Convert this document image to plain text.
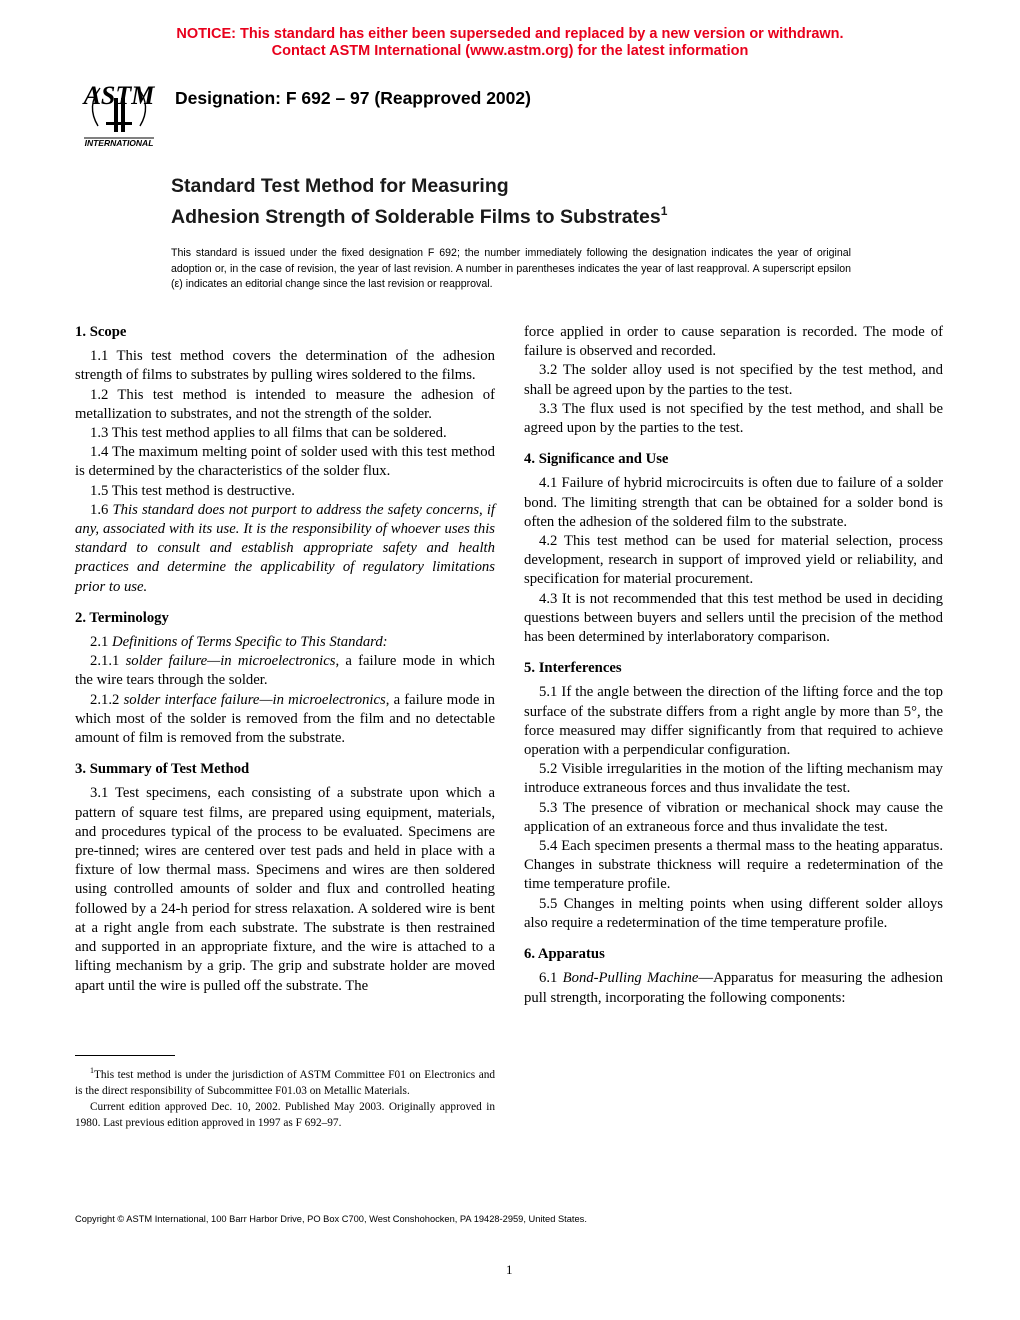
NOTICE: This standard has either been superseded and replaced by a new version or withdrawn.
Contact ASTM International (www.astm.org) for the latest information
ASTM
INTERNATIONAL
Designation: F 692 – 97 (Reapproved 2002)
Standard Test Method for Measuring
Adhesion Strength of Solderable Films to Substrates$^1$
This standard is issued under the fixed designation F 692; the number immediately following the designation indicates the year of original adoption or, in the case of revision, the year of last revision. A number in parentheses indicates the year of last reapproval. A superscript epsilon (ε) indicates an editorial change since the last revision or reapproval.
1. Scope

1.1 This test method covers the determination of the adhesion strength of films to substrates by pulling wires soldered to the films.

1.2 This test method is intended to measure the adhesion of metallization to substrates, and not the strength of the solder.

1.3 This test method applies to all films that can be soldered.

1.4 The maximum melting point of solder used with this test method is determined by the characteristics of the solder flux.

1.5 This test method is destructive.

1.6 This standard does not purport to address the safety concerns, if any, associated with its use. It is the responsibility of whoever uses this standard to consult and establish appropriate safety and health practices and determine the applicability of regulatory limitations prior to use.

2. Terminology

2.1 Definitions of Terms Specific to This Standard:

2.1.1 solder failure—in microelectronics, a failure mode in which the wire tears through the solder.

2.1.2 solder interface failure—in microelectronics, a failure mode in which most of the solder is removed from the film and no detectable amount of film is removed from the substrate.

3. Summary of Test Method

3.1 Test specimens, each consisting of a substrate upon which a pattern of square test films, are prepared using equipment, materials, and procedures typical of the process to be evaluated. Specimens are pre-tinned; wires are centered over test pads and held in place with a fixture of low thermal mass. Specimens and wires are then soldered using controlled amounts of solder and flux and controlled heating followed by a 24-h period for stress relaxation. A soldered wire is bent at a right angle from each substrate. The substrate is then restrained and supported in an appropriate fixture, and the wire is attached to a lifting mechanism by a grip. The grip and substrate holder are moved apart until the wire is pulled off the substrate. The

force applied in order to cause separation is recorded. The mode of failure is observed and recorded.

3.2 The solder alloy used is not specified by the test method, and shall be agreed upon by the parties to the test.

3.3 The flux used is not specified by the test method, and shall be agreed upon by the parties to the test.

4. Significance and Use

4.1 Failure of hybrid microcircuits is often due to failure of a solder bond. The limiting strength that can be obtained for a solder bond is often the adhesion of the soldered film to the substrate.

4.2 This test method can be used for material selection, process development, research in support of improved yield or reliability, and specification for material procurement.

4.3 It is not recommended that this test method be used in deciding questions between buyers and sellers until the precision of the method has been determined by interlaboratory comparison.

5. Interferences

5.1 If the angle between the direction of the lifting force and the top surface of the substrate differs from a right angle by more than 5°, the force measured may differ significantly from that required to achieve operation with a perpendicular configuration.

5.2 Visible irregularities in the motion of the lifting mechanism may introduce extraneous forces and thus invalidate the test.

5.3 The presence of vibration or mechanical shock may cause the application of an extraneous force and thus invalidate the test.

5.4 Each specimen presents a thermal mass to the heating apparatus. Changes in substrate thickness will require a redetermination of the time temperature profile.

5.5 Changes in melting points when using different solder alloys also require a redetermination of the time temperature profile.

6. Apparatus

6.1 Bond-Pulling Machine—Apparatus for measuring the adhesion pull strength, incorporating the following components:

$^1$This test method is under the jurisdiction of ASTM Committee F01 on Electronics and is the direct responsibility of Subcommittee F01.03 on Metallic Materials.

Current edition approved Dec. 10, 2002. Published May 2003. Originally approved in 1980. Last previous edition approved in 1997 as F 692–97.

Copyright © ASTM International, 100 Barr Harbor Drive, PO Box C700, West Conshohocken, PA 19428-2959, United States.
1
